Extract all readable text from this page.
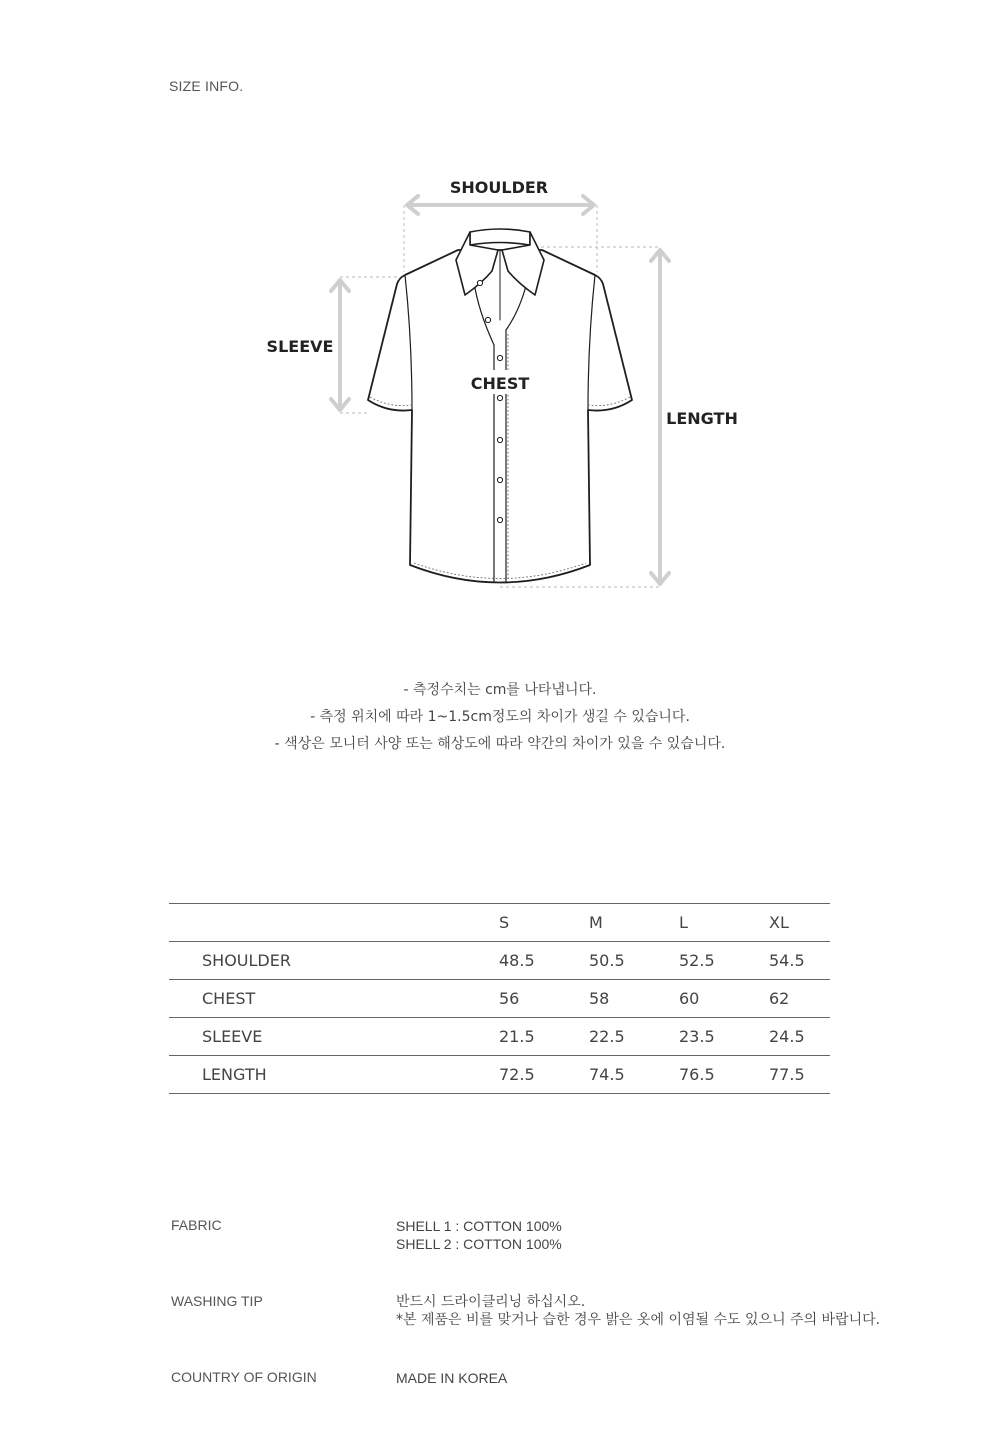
SIZE INFO.
SHOULDER
SLEEVE
CHEST
LENGTH
- 측정수치는 cm를 나타냅니다.
- 측정 위치에 따라 1~1.5cm정도의 차이가 생길 수 있습니다.
- 색상은 모니터 사양 또는 해상도에 따라 약간의 차이가 있을 수 있습니다.
	S	M	L	XL
SHOULDER	48.5	50.5	52.5	54.5
CHEST	56	58	60	62
SLEEVE	21.5	22.5	23.5	24.5
LENGTH	72.5	74.5	76.5	77.5
FABRIC	SHELL 1 : COTTON 100%
SHELL 2 : COTTON 100%
WASHING TIP	반드시 드라이클리닝 하십시오.
*본 제품은 비를 맞거나 습한 경우 밝은 옷에 이염될 수도 있으니 주의 바랍니다.
COUNTRY OF ORIGIN	MADE IN KOREA
